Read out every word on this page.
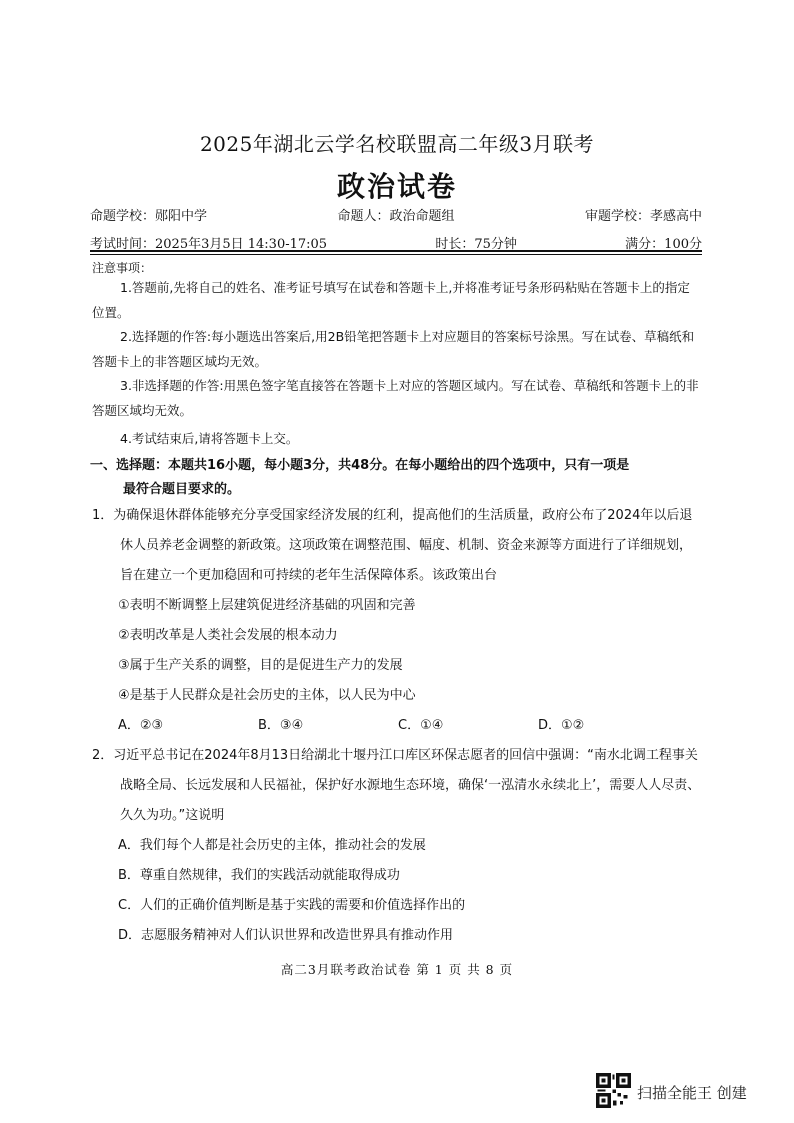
2025年湖北云学名校联盟高二年级3月联考
政治试卷
命题学校：郧阳中学	命题人：政治命题组	审题学校：孝感高中
考试时间：2025年3月5日 14:30-17:05	时长：75分钟	满分：100分
注意事项：

1.答题前,先将自己的姓名、准考证号填写在试卷和答题卡上,并将准考证号条形码粘贴在答题卡上的指定位置。

2.选择题的作答:每小题选出答案后,用2B铅笔把答题卡上对应题目的答案标号涂黑。写在试卷、草稿纸和答题卡上的非答题区域均无效。

3.非选择题的作答:用黑色签字笔直接答在答题卡上对应的答题区域内。写在试卷、草稿纸和答题卡上的非答题区域均无效。

4.考试结束后,请将答题卡上交。

一、选择题：本题共16小题，每小题3分，共48分。在每小题给出的四个选项中，只有一项是
最符合题目要求的。
1．为确保退休群体能够充分享受国家经济发展的红利，提高他们的生活质量，政府公布了2024年以后退休人员养老金调整的新政策。这项政策在调整范围、幅度、机制、资金来源等方面进行了详细规划，旨在建立一个更加稳固和可持续的老年生活保障体系。该政策出台
①表明不断调整上层建筑促进经济基础的巩固和完善
②表明改革是人类社会发展的根本动力
③属于生产关系的调整，目的是促进生产力的发展
④是基于人民群众是社会历史的主体，以人民为中心
A．②③	B．③④	C．①④	D．①②
2．习近平总书记在2024年8月13日给湖北十堰丹江口库区环保志愿者的回信中强调：“南水北调工程事关战略全局、长远发展和人民福祉，保护好水源地生态环境，确保‘一泓清水永续北上’，需要人人尽责、久久为功。”这说明
A．我们每个人都是社会历史的主体，推动社会的发展
B．尊重自然规律，我们的实践活动就能取得成功
C．人们的正确价值判断是基于实践的需要和价值选择作出的
D．志愿服务精神对人们认识世界和改造世界具有推动作用
高二3月联考政治试卷 第 1 页 共 8 页
扫描全能王 创建
